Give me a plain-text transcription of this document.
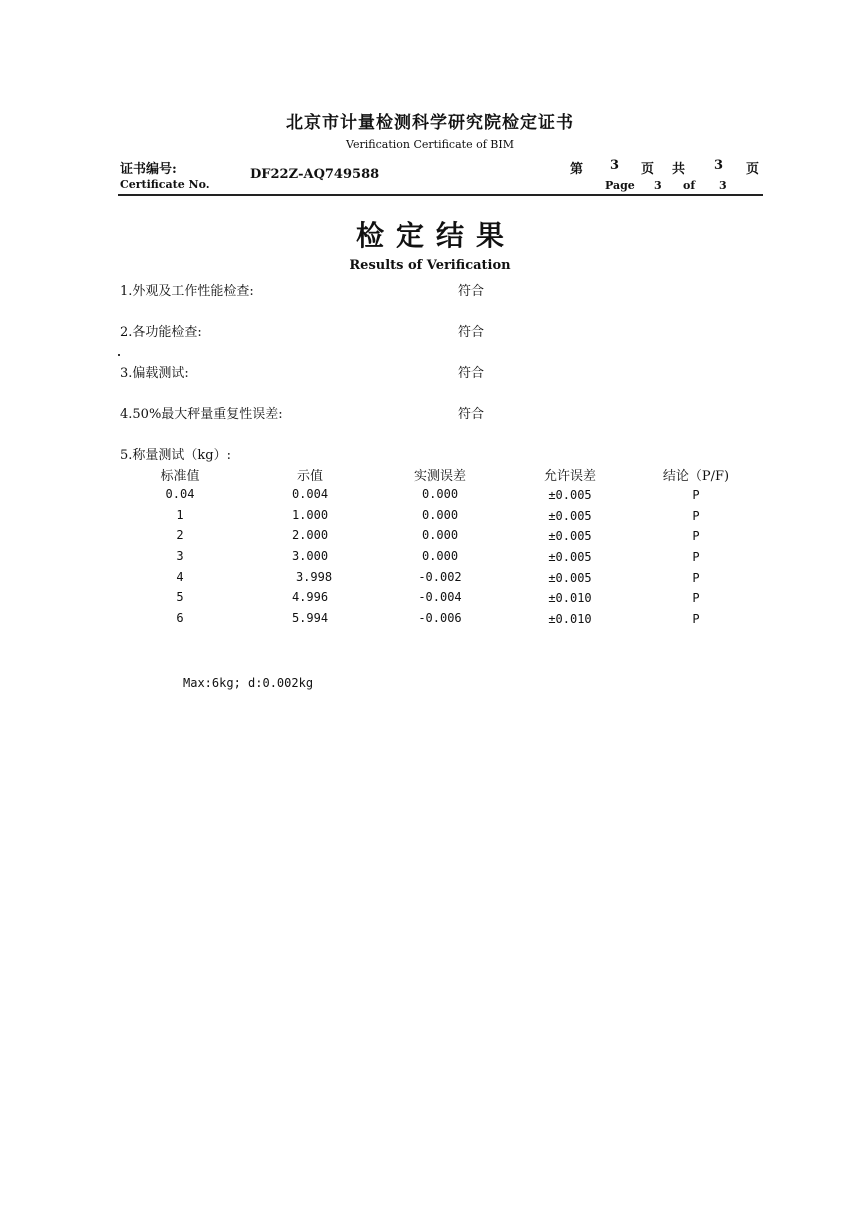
北京市计量检测科学研究院检定证书
Verification Certificate of BIM
证书编号:
Certificate No.
DF22Z-AQ749588	第 3 页 共 3 页
Page 3 of 3
检定结果
Results of Verification
1.外观及工作性能检查:	符合
2.各功能检查:	符合
3.偏载测试:	符合
4.50%最大秤量重复性误差:	符合
5.称量测试（kg）:
标准值	示值	实测误差	允许误差	结论（P/F)
0.04	0.004	0.000	±0.005	P
1	1.000	0.000	±0.005	P
2	2.000	0.000	±0.005	P
3	3.000	0.000	±0.005	P
4	3.998	-0.002	±0.005	P
5	4.996	-0.004	±0.010	P
6	5.994	-0.006	±0.010	P
Max:6kg; d:0.002kg
